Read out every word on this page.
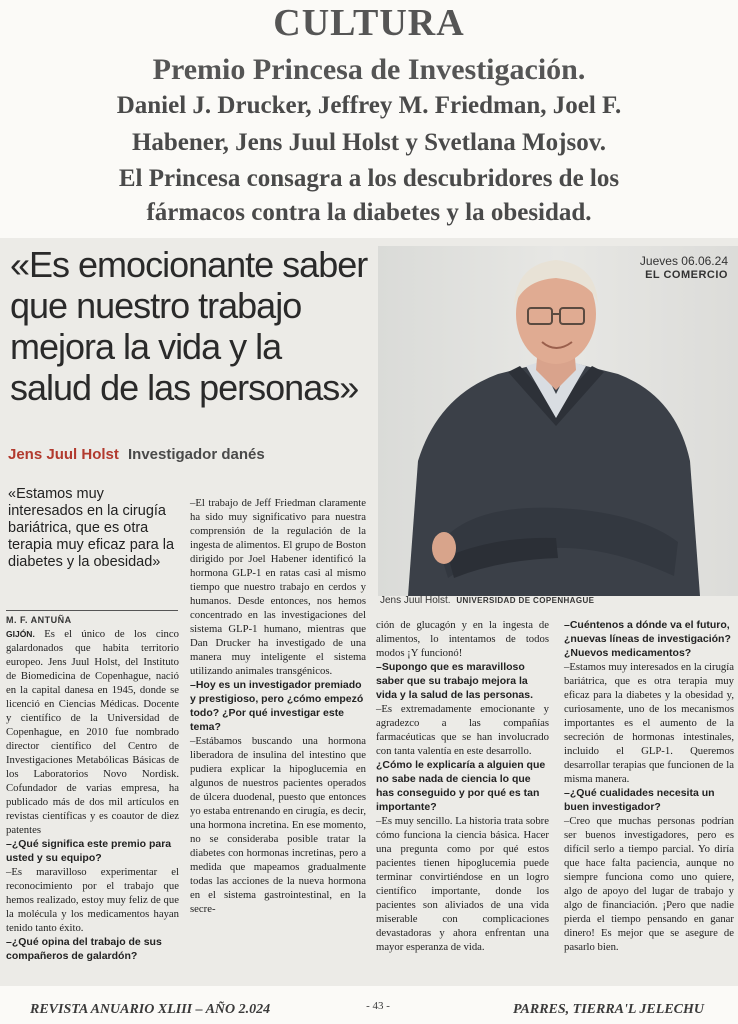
CULTURA
Premio Princesa de Investigación.
Daniel J. Drucker, Jeffrey M. Friedman, Joel F.
Habener, Jens Juul Holst y Svetlana Mojsov.
El Princesa consagra a los descubridores de los
fármacos contra la diabetes y la obesidad.
«Es emocionante saber
que nuestro trabajo
mejora la vida y la
salud de las personas»
Jueves 06.06.24
EL COMERCIO
Jens Juul Holst. UNIVERSIDAD DE COPENHAGUE
Jens Juul Holst Investigador danés
«Estamos muy interesados en la cirugía bariátrica, que es otra terapia muy eficaz para la diabetes y la obesidad»
M. F. ANTUÑA

GIJÓN. Es el único de los cinco galardonados que habita territorio europeo. Jens Juul Holst, del Instituto de Biomedicina de Copenhague, nació en la capital danesa en 1945, donde se licenció en Ciencias Médicas. Docente y científico de la Universidad de Copenhague, en 2010 fue nombrado director científico del Centro de Investigaciones Metabólicas Básicas de los Laboratorios Novo Nordisk. Cofundador de varias empresa, ha publicado más de dos mil artículos en revistas científicas y es coautor de diez patentes

–¿Qué significa este premio para usted y su equipo?

–Es maravilloso experimentar el reconocimiento por el trabajo que hemos realizado, estoy muy feliz de que la molécula y los medicamentos hayan tenido tanto éxito.

–¿Qué opina del trabajo de sus compañeros de galardón?

–El trabajo de Jeff Friedman claramente ha sido muy significativo para nuestra comprensión de la regulación de la ingesta de alimentos. El grupo de Boston dirigido por Joel Habener identificó la hormona GLP-1 en ratas casi al mismo tiempo que nuestro trabajo en cerdos y humanos. Desde entonces, nos hemos concentrado en las investigaciones del sistema GLP-1 humano, mientras que Dan Drucker ha investigado de una manera muy inteligente el sistema utilizando animales transgénicos.

–Hoy es un investigador premiado y prestigioso, pero ¿cómo empezó todo? ¿Por qué investigar este tema?

–Estábamos buscando una hormona liberadora de insulina del intestino que pudiera explicar la hipoglucemia en algunos de nuestros pacientes operados de úlcera duodenal, puesto que entonces yo estaba entrenando en cirugía, es decir, una hormona incretina. En ese momento, no se consideraba posible tratar la diabetes con hormonas incretinas, pero a medida que mapeamos gradualmente todas las acciones de la nueva hormona en el sistema gastrointestinal, en la secre-

ción de glucagón y en la ingesta de alimentos, lo intentamos de todos modos ¡Y funcionó!

–Supongo que es maravilloso saber que su trabajo mejora la vida y la salud de las personas.

–Es extremadamente emocionante y agradezco a las compañías farmacéuticas que se han involucrado con tanta valentía en este desarrollo.

¿Cómo le explicaría a alguien que no sabe nada de ciencia lo que has conseguido y por qué es tan importante?

–Es muy sencillo. La historia trata sobre cómo funciona la ciencia básica. Hacer una pregunta como por qué estos pacientes tienen hipoglucemia puede terminar convirtiéndose en un logro científico importante, donde los pacientes son aliviados de una vida miserable con complicaciones devastadoras y ahora enfrentan una mayor esperanza de vida.

–Cuéntenos a dónde va el futuro, ¿nuevas líneas de investigación? ¿Nuevos medicamentos?

–Estamos muy interesados en la cirugía bariátrica, que es otra terapia muy eficaz para la diabetes y la obesidad y, curiosamente, uno de los mecanismos importantes es el aumento de la secreción de hormonas intestinales, incluido el GLP-1. Queremos desarrollar terapias que funcionen de la misma manera.

–¿Qué cualidades necesita un buen investigador?

–Creo que muchas personas podrían ser buenos investigadores, pero es difícil serlo a tiempo parcial. Yo diría que hace falta paciencia, aunque no siempre funciona como uno quiere, algo de apoyo del lugar de trabajo y algo de financiación. ¡Pero que nadie pierda el tiempo pensando en ganar dinero! Es mejor que se asegure de pasarlo bien.

REVISTA ANUARIO XLIII – AÑO 2.024	- 43 -	PARRES, TIERRA'L JELECHU
